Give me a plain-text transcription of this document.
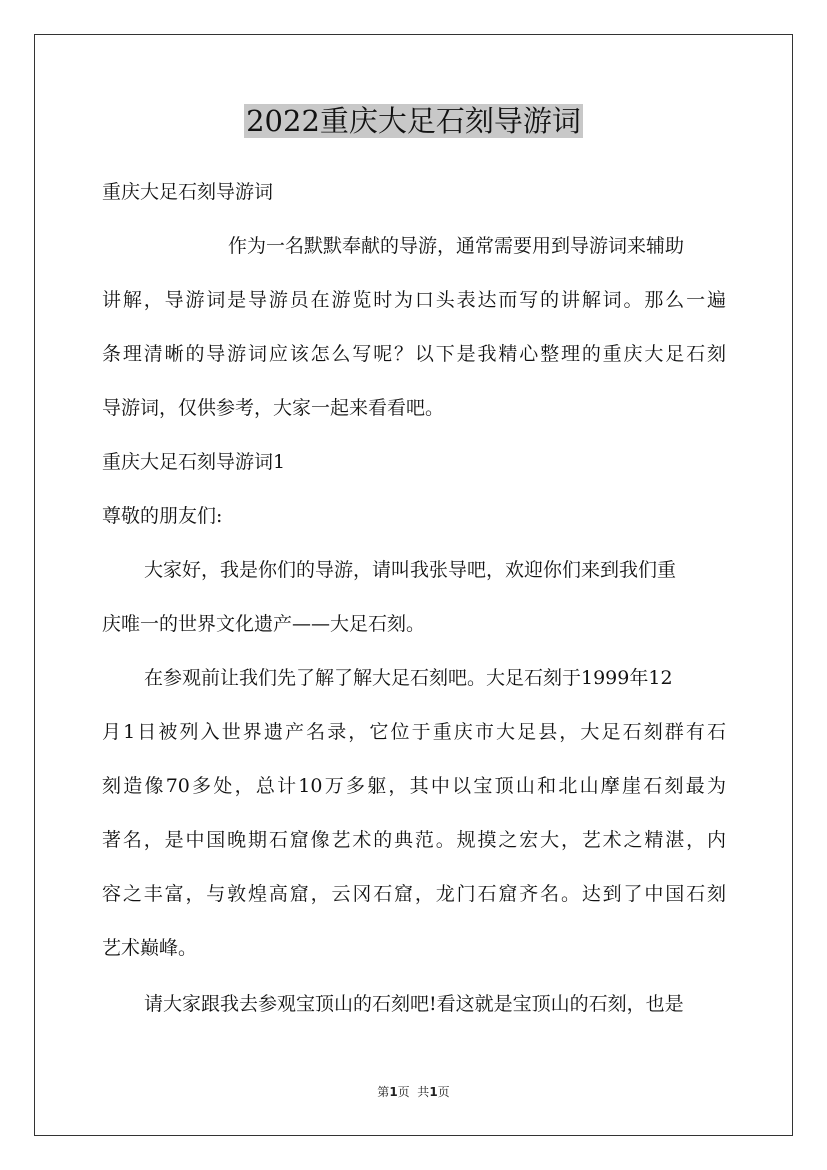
2022重庆大足石刻导游词
重庆大足石刻导游词
作为一名默默奉献的导游，通常需要用到导游词来辅助
讲解，导游词是导游员在游览时为口头表达而写的讲解词。那么一遍
条理清晰的导游词应该怎么写呢？以下是我精心整理的重庆大足石刻
导游词，仅供参考，大家一起来看看吧。
重庆大足石刻导游词1
尊敬的朋友们:
大家好，我是你们的导游，请叫我张导吧，欢迎你们来到我们重
庆唯一的世界文化遗产——大足石刻。
在参观前让我们先了解了解大足石刻吧。大足石刻于1999年12
月1日被列入世界遗产名录，它位于重庆市大足县，大足石刻群有石
刻造像70多处，总计10万多躯，其中以宝顶山和北山摩崖石刻最为
著名，是中国晚期石窟像艺术的典范。规摸之宏大，艺术之精湛，内
容之丰富，与敦煌高窟，云冈石窟，龙门石窟齐名。达到了中国石刻
艺术巅峰。
请大家跟我去参观宝顶山的石刻吧!看这就是宝顶山的石刻，也是
第1页  共1页
